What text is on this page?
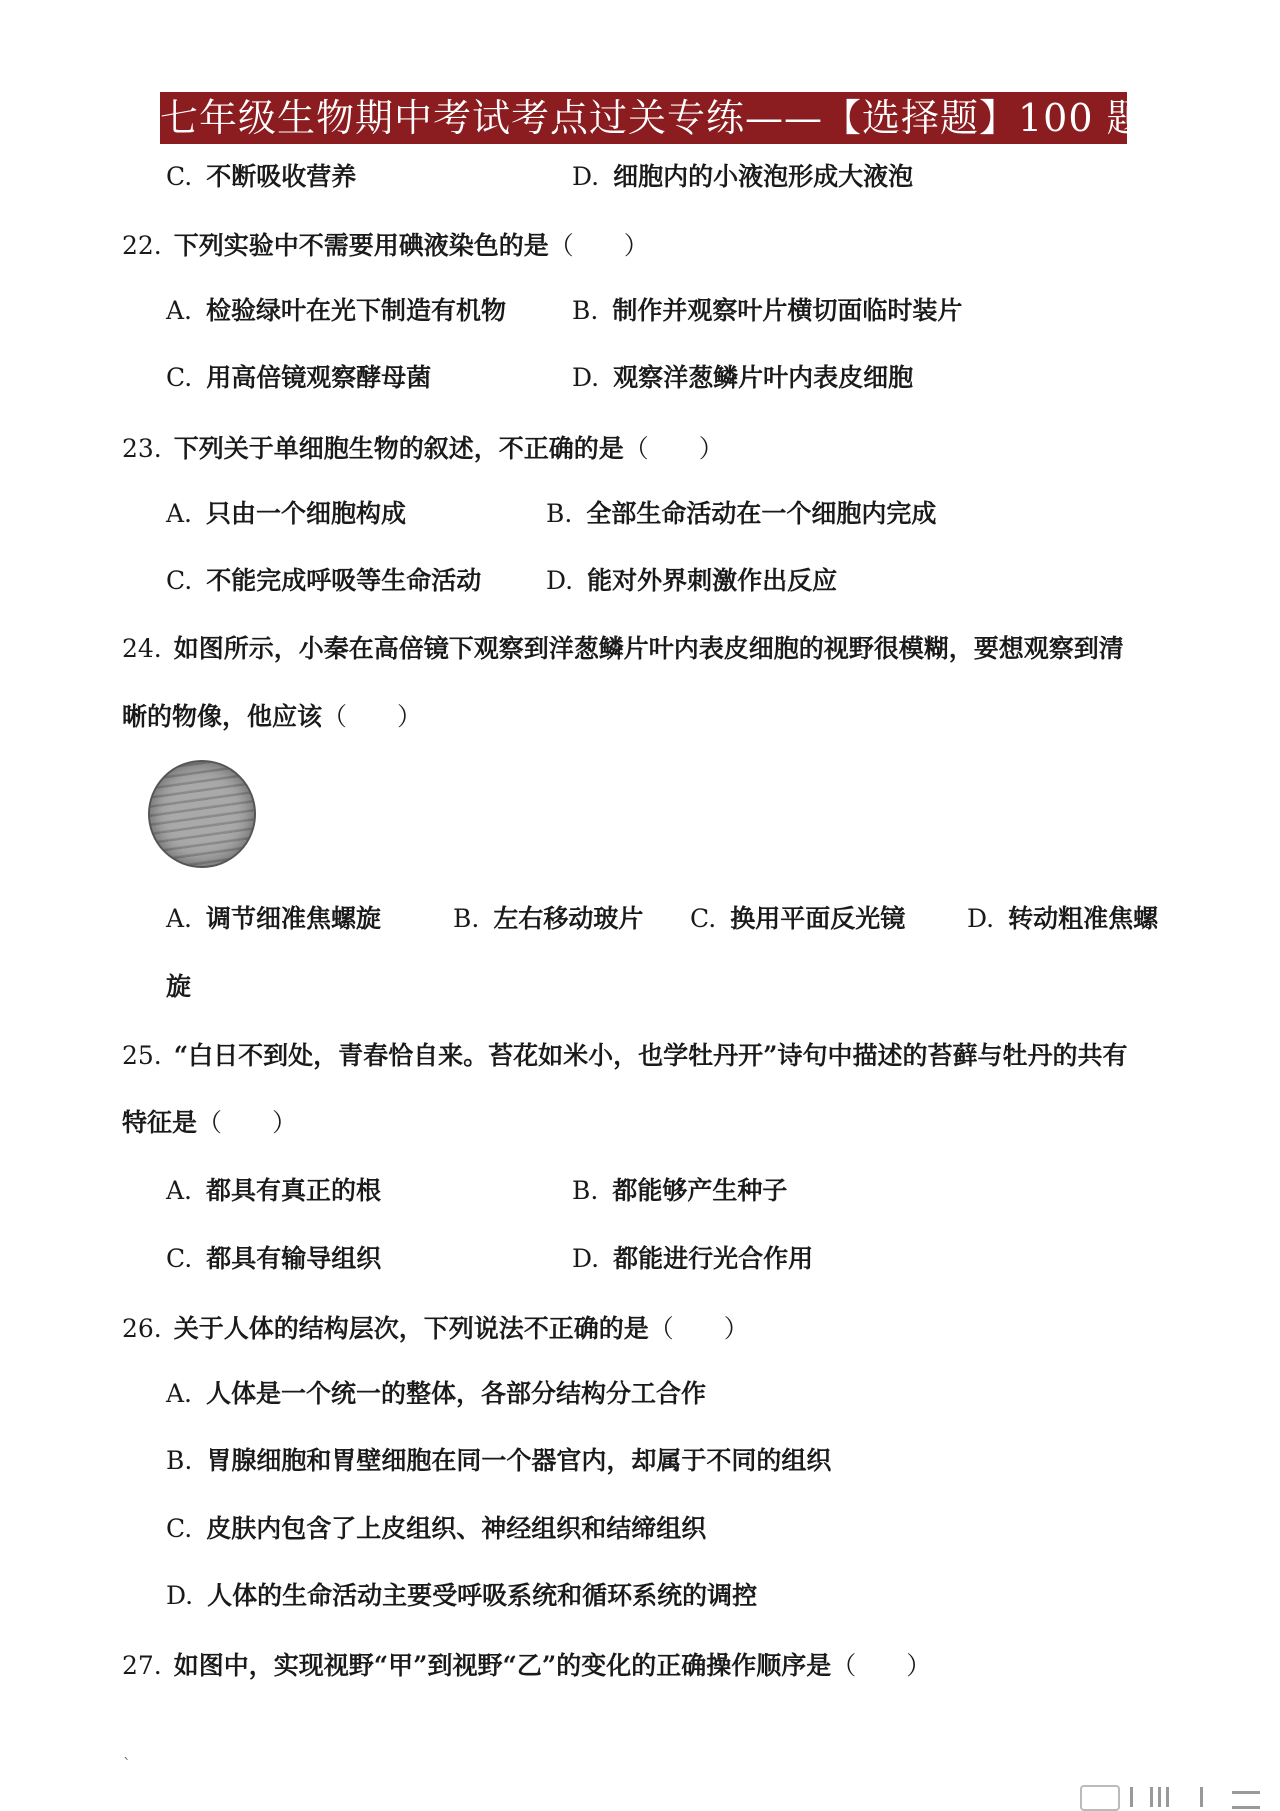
七年级生物期中考试考点过关专练——【选择题】100 题
C. 不断吸收营养	D. 细胞内的小液泡形成大液泡
22. 下列实验中不需要用碘液染色的是（　　）
A. 检验绿叶在光下制造有机物	B. 制作并观察叶片横切面临时装片
C. 用高倍镜观察酵母菌	D. 观察洋葱鳞片叶内表皮细胞
23. 下列关于单细胞生物的叙述，不正确的是（　　）
A. 只由一个细胞构成	B. 全部生命活动在一个细胞内完成
C. 不能完成呼吸等生命活动	D. 能对外界刺激作出反应
24. 如图所示，小秦在高倍镜下观察到洋葱鳞片叶内表皮细胞的视野很模糊，要想观察到清
晰的物像，他应该（　　）
A. 调节细准焦螺旋	B. 左右移动玻片 C. 换用平面反光镜 D. 转动粗准焦螺
旋
25. “白日不到处，青春恰自来。苔花如米小，也学牡丹开”诗句中描述的苔藓与牡丹的共有
特征是（　　）
A. 都具有真正的根	B. 都能够产生种子
C. 都具有输导组织	D. 都能进行光合作用
26. 关于人体的结构层次，下列说法不正确的是（　　）
A. 人体是一个统一的整体，各部分结构分工合作
B. 胃腺细胞和胃壁细胞在同一个器官内，却属于不同的组织
C. 皮肤内包含了上皮组织、神经组织和结缔组织
D. 人体的生命活动主要受呼吸系统和循环系统的调控
27. 如图中，实现视野“甲”到视野“乙”的变化的正确操作顺序是（　　）
`
